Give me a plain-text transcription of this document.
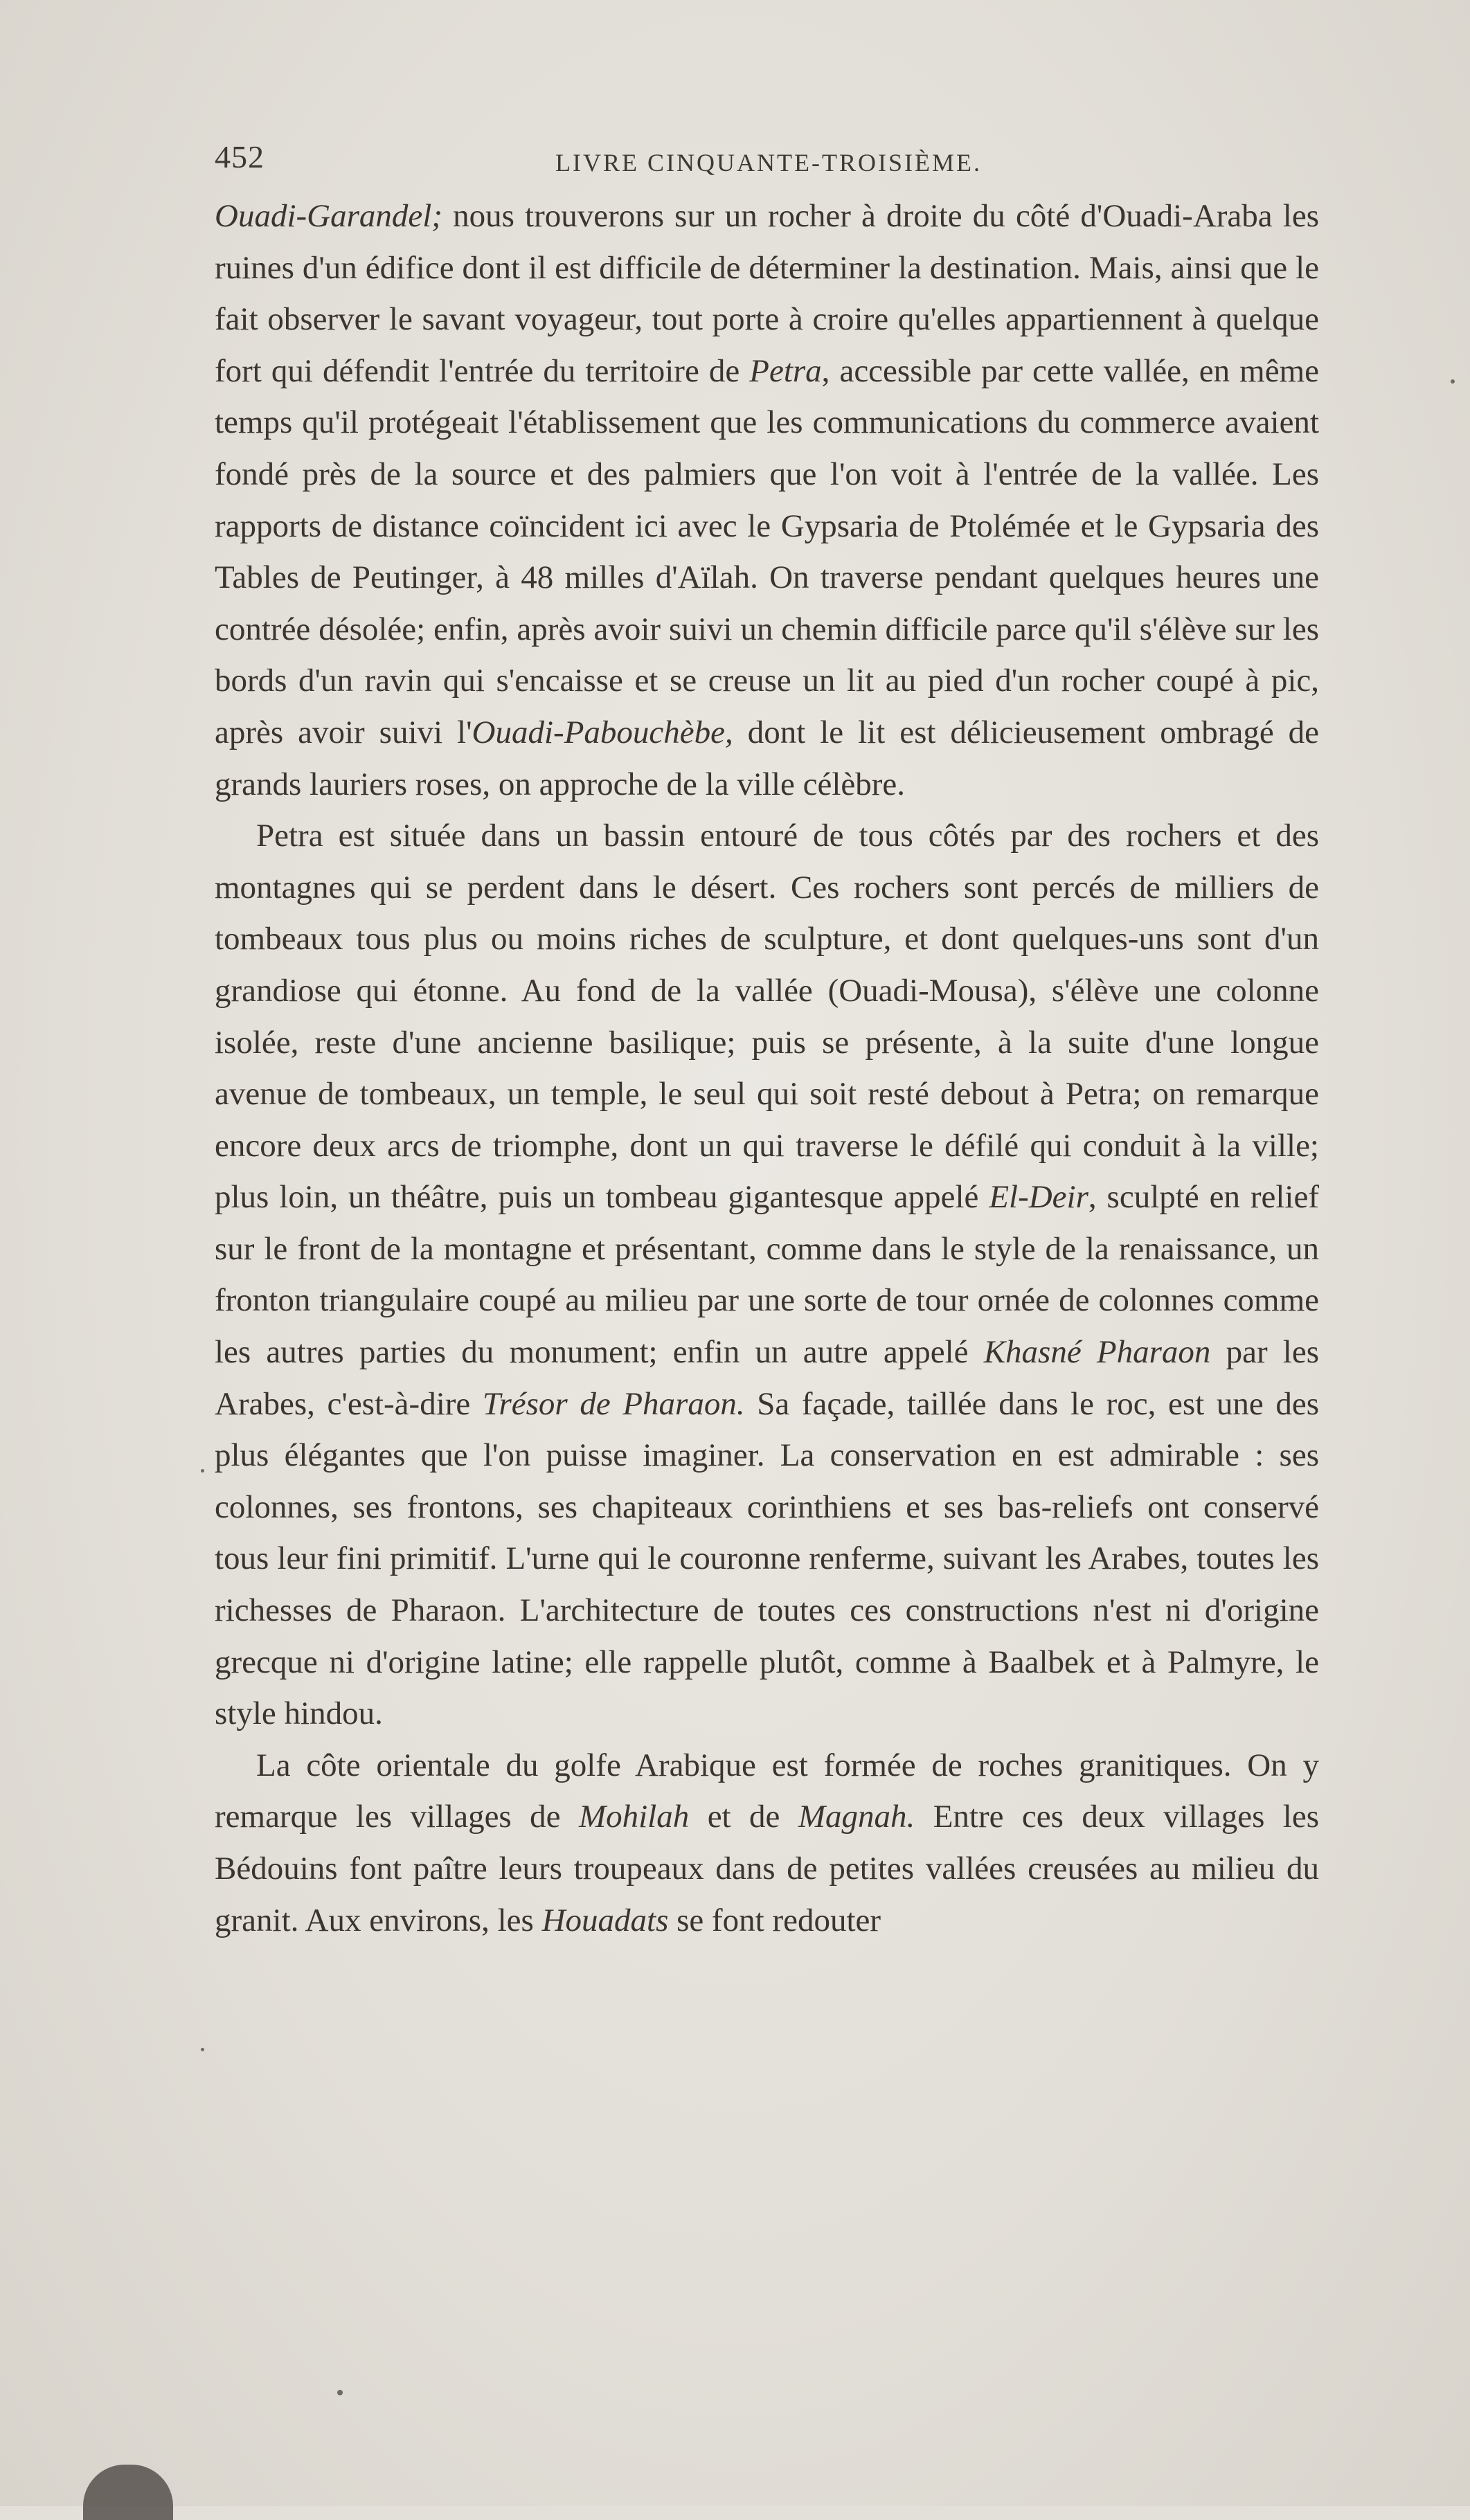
452	LIVRE CINQUANTE-TROISIÈME.

Ouadi-Garandel; nous trouverons sur un rocher à droite du côté d'Ouadi-Araba les ruines d'un édifice dont il est difficile de déterminer la destination. Mais, ainsi que le fait observer le savant voyageur, tout porte à croire qu'elles appartiennent à quelque fort qui défendit l'entrée du territoire de Petra, accessible par cette vallée, en même temps qu'il protégeait l'établissement que les communications du commerce avaient fondé près de la source et des palmiers que l'on voit à l'entrée de la vallée. Les rapports de distance coïncident ici avec le Gypsaria de Ptolémée et le Gypsaria des Tables de Peutinger, à 48 milles d'Aïlah. On traverse pendant quelques heures une contrée désolée; enfin, après avoir suivi un chemin difficile parce qu'il s'élève sur les bords d'un ravin qui s'encaisse et se creuse un lit au pied d'un rocher coupé à pic, après avoir suivi l'Ouadi-Pabouchèbe, dont le lit est délicieusement ombragé de grands lauriers roses, on approche de la ville célèbre.

Petra est située dans un bassin entouré de tous côtés par des rochers et des montagnes qui se perdent dans le désert. Ces rochers sont percés de milliers de tombeaux tous plus ou moins riches de sculpture, et dont quelques-uns sont d'un grandiose qui étonne. Au fond de la vallée (Ouadi-Mousa), s'élève une colonne isolée, reste d'une ancienne basilique; puis se présente, à la suite d'une longue avenue de tombeaux, un temple, le seul qui soit resté debout à Petra; on remarque encore deux arcs de triomphe, dont un qui traverse le défilé qui conduit à la ville; plus loin, un théâtre, puis un tombeau gigantesque appelé El-Deir, sculpté en relief sur le front de la montagne et présentant, comme dans le style de la renaissance, un fronton triangulaire coupé au milieu par une sorte de tour ornée de colonnes comme les autres parties du monument; enfin un autre appelé Khasné Pharaon par les Arabes, c'est-à-dire Trésor de Pharaon. Sa façade, taillée dans le roc, est une des plus élégantes que l'on puisse imaginer. La conservation en est admirable : ses colonnes, ses frontons, ses chapiteaux corinthiens et ses bas-reliefs ont conservé tous leur fini primitif. L'urne qui le couronne renferme, suivant les Arabes, toutes les richesses de Pharaon. L'architecture de toutes ces constructions n'est ni d'origine grecque ni d'origine latine; elle rappelle plutôt, comme à Baalbek et à Palmyre, le style hindou.

La côte orientale du golfe Arabique est formée de roches granitiques. On y remarque les villages de Mohilah et de Magnah. Entre ces deux villages les Bédouins font paître leurs troupeaux dans de petites vallées creusées au milieu du granit. Aux environs, les Houadats se font redouter
